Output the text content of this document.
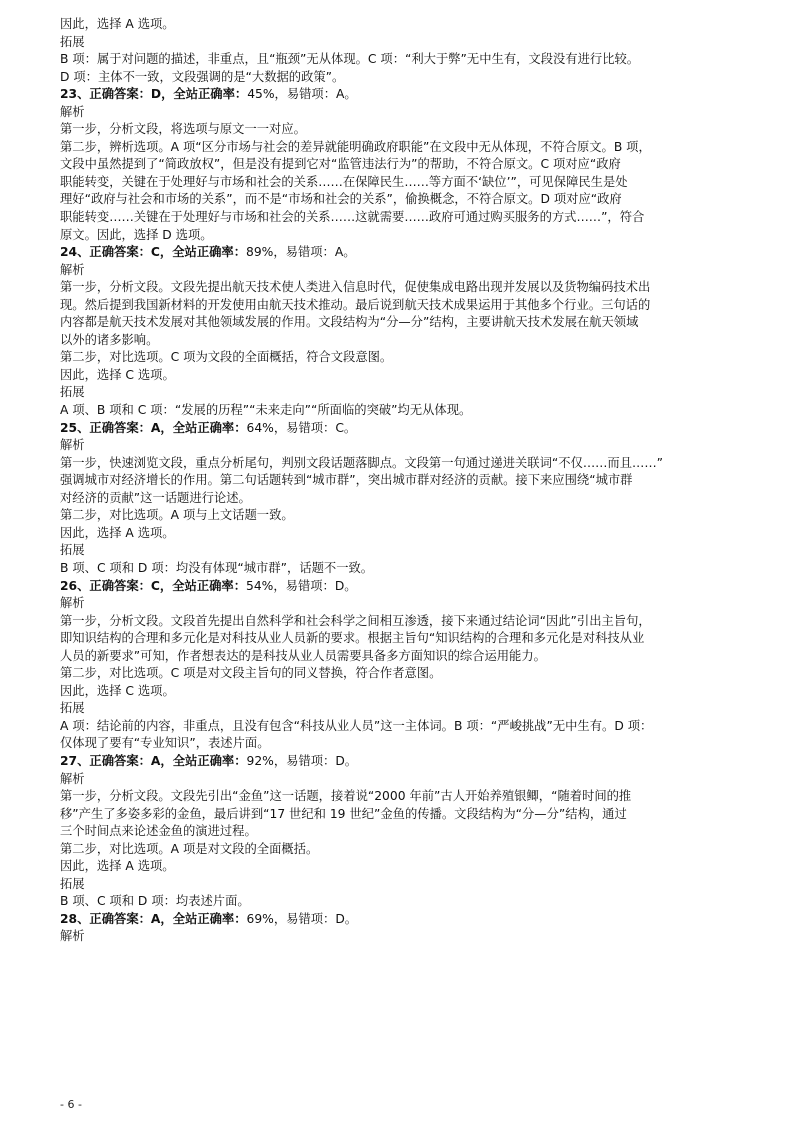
因此，选择 A 选项。
拓展
B 项：属于对问题的描述，非重点，且“瓶颈”无从体现。C 项：“利大于弊”无中生有，文段没有进行比较。
D 项：主体不一致，文段强调的是“大数据的政策”。
23、正确答案：D，全站正确率：45%，易错项：A。
解析
第一步，分析文段，将选项与原文一一对应。
第二步，辨析选项。A 项“区分市场与社会的差异就能明确政府职能”在文段中无从体现，不符合原文。B 项，
文段中虽然提到了“简政放权”，但是没有提到它对“监管违法行为”的帮助，不符合原文。C 项对应“政府
职能转变，关键在于处理好与市场和社会的关系……在保障民生……等方面不‘缺位’”，可见保障民生是处
理好“政府与社会和市场的关系”，而不是“市场和社会的关系”，偷换概念，不符合原文。D 项对应“政府
职能转变……关键在于处理好与市场和社会的关系……这就需要……政府可通过购买服务的方式……”，符合
原文。因此，选择 D 选项。
24、正确答案：C，全站正确率：89%，易错项：A。
解析
第一步，分析文段。文段先提出航天技术使人类进入信息时代，促使集成电路出现并发展以及货物编码技术出
现。然后提到我国新材料的开发使用由航天技术推动。最后说到航天技术成果运用于其他多个行业。三句话的
内容都是航天技术发展对其他领域发展的作用。文段结构为“分—分”结构，主要讲航天技术发展在航天领域
以外的诸多影响。
第二步，对比选项。C 项为文段的全面概括，符合文段意图。
因此，选择 C 选项。
拓展
A 项、B 项和 C 项：“发展的历程”“未来走向”“所面临的突破”均无从体现。
25、正确答案：A，全站正确率：64%，易错项：C。
解析
第一步，快速浏览文段，重点分析尾句，判别文段话题落脚点。文段第一句通过递进关联词“不仅……而且……”
强调城市对经济增长的作用。第二句话题转到“城市群”，突出城市群对经济的贡献。接下来应围绕“城市群
对经济的贡献”这一话题进行论述。
第二步，对比选项。A 项与上文话题一致。
因此，选择 A 选项。
拓展
B 项、C 项和 D 项：均没有体现“城市群”，话题不一致。
26、正确答案：C，全站正确率：54%，易错项：D。
解析
第一步，分析文段。文段首先提出自然科学和社会科学之间相互渗透，接下来通过结论词“因此”引出主旨句，
即知识结构的合理和多元化是对科技从业人员新的要求。根据主旨句“知识结构的合理和多元化是对科技从业
人员的新要求”可知，作者想表达的是科技从业人员需要具备多方面知识的综合运用能力。
第二步，对比选项。C 项是对文段主旨句的同义替换，符合作者意图。
因此，选择 C 选项。
拓展
A 项：结论前的内容，非重点，且没有包含“科技从业人员”这一主体词。B 项：“严峻挑战”无中生有。D 项：
仅体现了要有“专业知识”，表述片面。
27、正确答案：A，全站正确率：92%，易错项：D。
解析
第一步，分析文段。文段先引出“金鱼”这一话题，接着说“2000 年前”古人开始养殖银鲫，“随着时间的推
移”产生了多姿多彩的金鱼，最后讲到“17 世纪和 19 世纪”金鱼的传播。文段结构为“分—分”结构，通过
三个时间点来论述金鱼的演进过程。
第二步，对比选项。A 项是对文段的全面概括。
因此，选择 A 选项。
拓展
B 项、C 项和 D 项：均表述片面。
28、正确答案：A，全站正确率：69%，易错项：D。
解析
- 6 -
